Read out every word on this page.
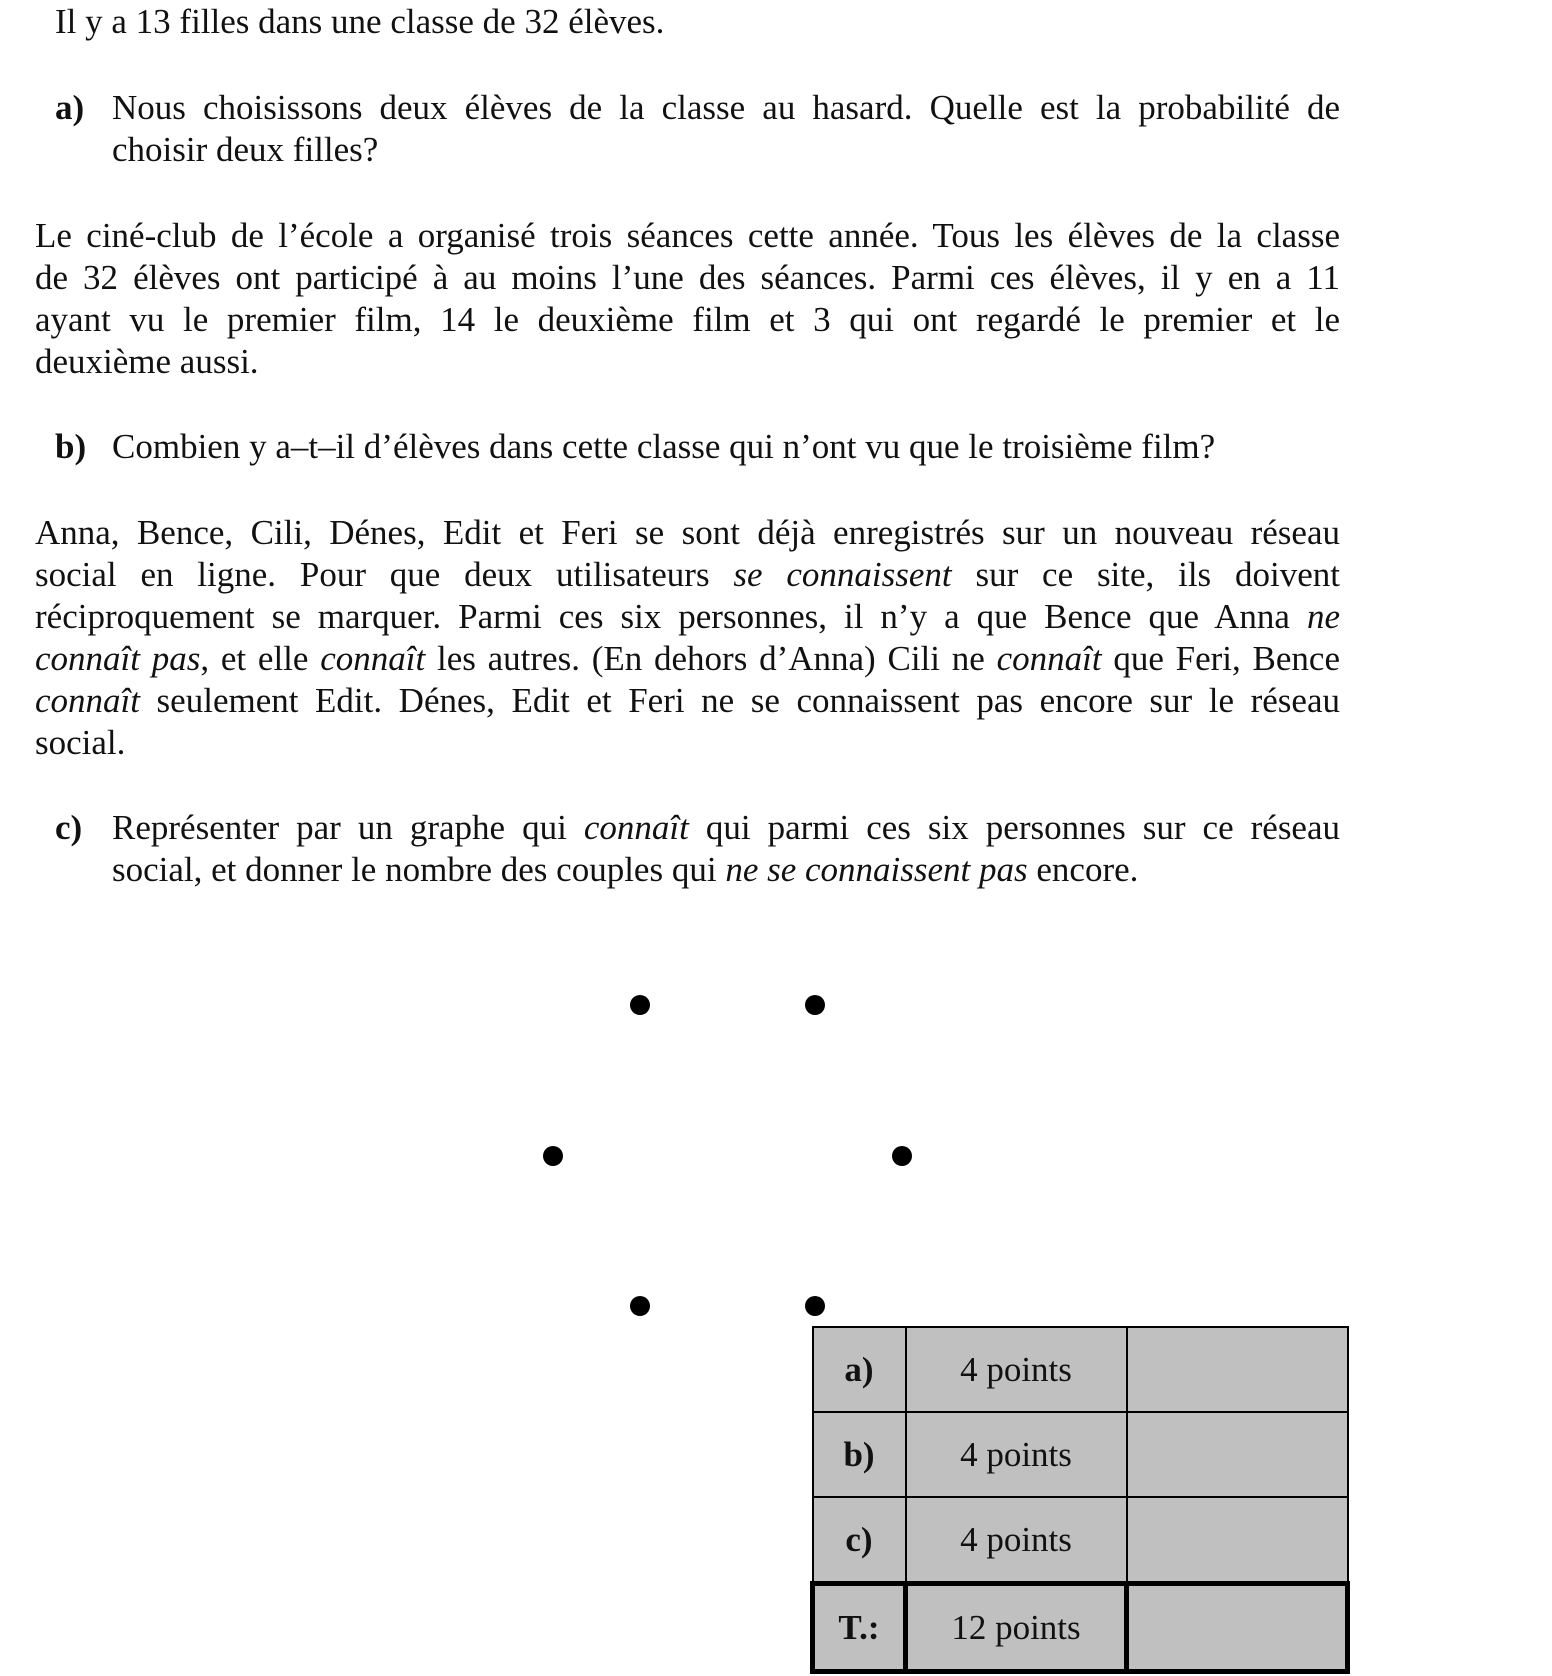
Il y a 13 filles dans une classe de 32 élèves.
a) Nous choisissons deux élèves de la classe au hasard. Quelle est la probabilité de
choisir deux filles?
Le ciné-club de l’école a organisé trois séances cette année. Tous les élèves de la classe
de 32 élèves ont participé à au moins l’une des séances. Parmi ces élèves, il y en a 11
ayant vu le premier film, 14 le deuxième film et 3 qui ont regardé le premier et le
deuxième aussi.
b) Combien y a–t–il d’élèves dans cette classe qui n’ont vu que le troisième film?
Anna, Bence, Cili, Dénes, Edit et Feri se sont déjà enregistrés sur un nouveau réseau
social en ligne. Pour que deux utilisateurs se connaissent sur ce site, ils doivent
réciproquement se marquer. Parmi ces six personnes, il n’y a que Bence que Anna ne
connaît pas, et elle connaît les autres. (En dehors d’Anna) Cili ne connaît que Feri, Bence
connaît seulement Edit. Dénes, Edit et Feri ne se connaissent pas encore sur le réseau
social.
c) Représenter par un graphe qui connaît qui parmi ces six personnes sur ce réseau
social, et donner le nombre des couples qui ne se connaissent pas encore.
a)	4 points	
b)	4 points	
c)	4 points	
T.:	12 points	
